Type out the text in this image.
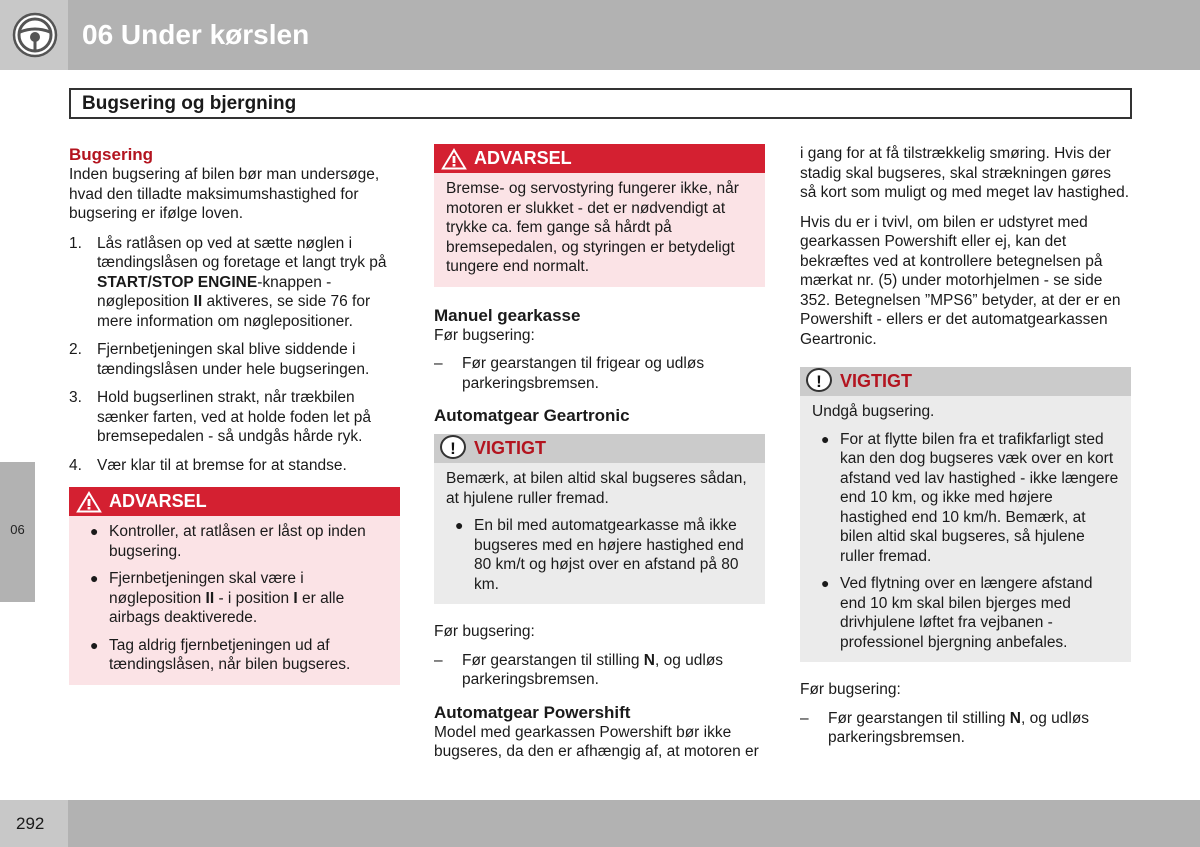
06 Under kørslen
Bugsering og bjergning
06
Bugsering

Inden bugsering af bilen bør man undersøge, hvad den tilladte maksimumshastighed for bugsering er ifølge loven.

1. Lås ratlåsen op ved at sætte nøglen i tændingslåsen og foretage et langt tryk på START/STOP ENGINE-knappen - nøgleposition II aktiveres, se side 76 for mere information om nøglepositioner.
2. Fjernbetjeningen skal blive siddende i tændingslåsen under hele bugseringen.
3. Hold bugserlinen strakt, når trækbilen sænker farten, ved at holde foden let på bremsepedalen - så undgås hårde ryk.
4. Vær klar til at bremse for at standse.
ADVARSEL
● Kontroller, at ratlåsen er låst op inden bugsering.
● Fjernbetjeningen skal være i nøgleposition II - i position I er alle airbags deaktiverede.
● Tag aldrig fjernbetjeningen ud af tændingslåsen, når bilen bugseres.
ADVARSEL

Bremse- og servostyring fungerer ikke, når motoren er slukket - det er nødvendigt at trykke ca. fem gange så hårdt på bremsepedalen, og styringen er betydeligt tungere end normalt.

Manuel gearkasse

Før bugsering:

– Før gearstangen til frigear og udløs parkeringsbremsen.
Automatgear Geartronic
!	VIGTIGT

Bemærk, at bilen altid skal bugseres sådan, at hjulene ruller fremad.

● En bil med automatgearkasse må ikke bugseres med en højere hastighed end 80 km/t og højst over en afstand på 80 km.

Før bugsering:

– Før gearstangen til stilling N, og udløs parkeringsbremsen.
Automatgear Powershift

Model med gearkassen Powershift bør ikke bugseres, da den er afhængig af, at motoren er

i gang for at få tilstrækkelig smøring. Hvis der stadig skal bugseres, skal strækningen gøres så kort som muligt og med meget lav hastighed.

Hvis du er i tvivl, om bilen er udstyret med gearkassen Powershift eller ej, kan det bekræftes ved at kontrollere betegnelsen på mærkat nr. (5) under motorhjelmen - se side 352. Betegnelsen ”MPS6” betyder, at der er en Powershift - ellers er det automatgearkassen Geartronic.

!	VIGTIGT

Undgå bugsering.

● For at flytte bilen fra et trafikfarligt sted kan den dog bugseres væk over en kort afstand ved lav hastighed - ikke længere end 10 km, og ikke med højere hastighed end 10 km/h. Bemærk, at bilen altid skal bugseres, så hjulene ruller fremad.
● Ved flytning over en længere afstand end 10 km skal bilen bjerges med drivhjulene løftet fra vejbanen - professionel bjergning anbefales.

Før bugsering:

– Før gearstangen til stilling N, og udløs parkeringsbremsen.
292
